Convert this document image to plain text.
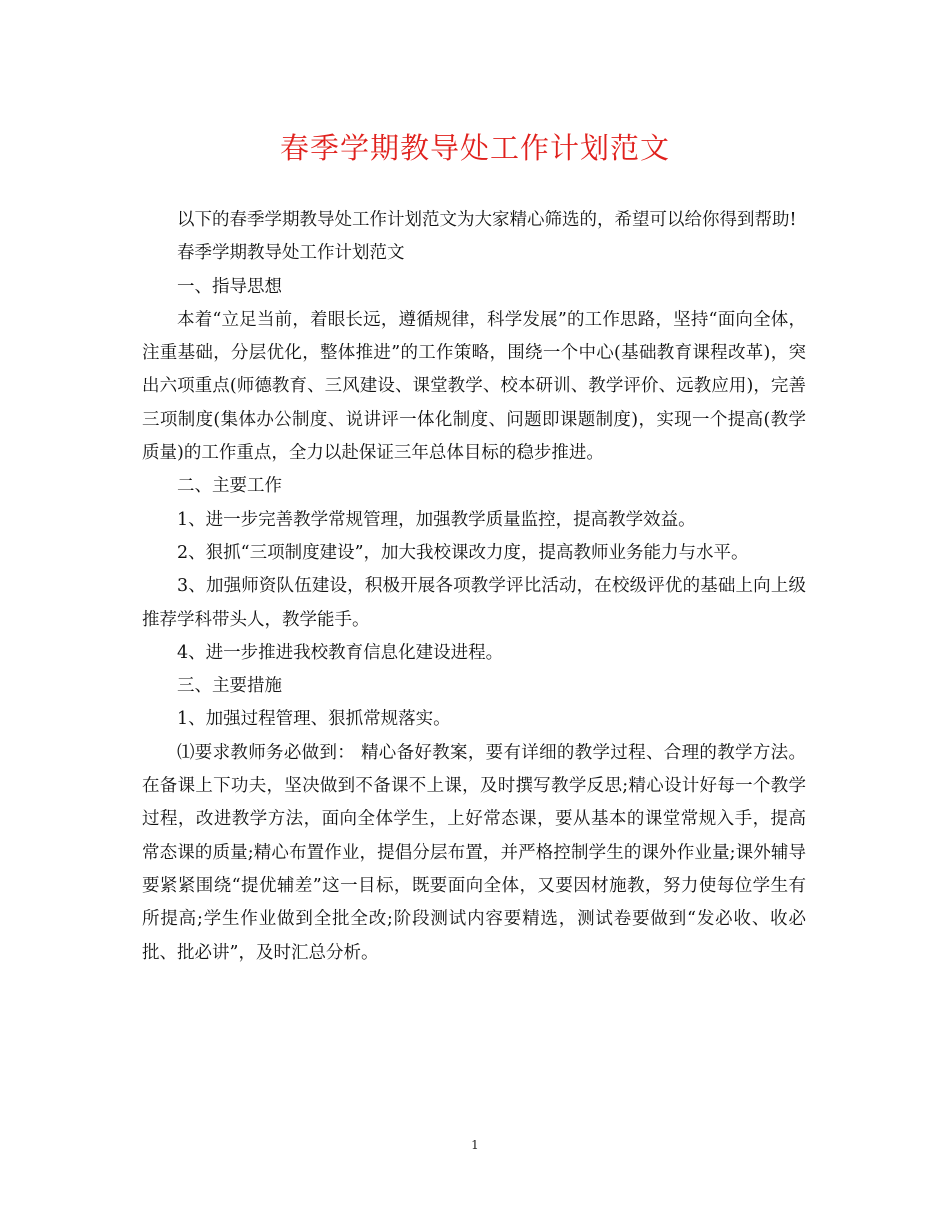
春季学期教导处工作计划范文

以下的春季学期教导处工作计划范文为大家精心筛选的，希望可以给你得到帮助!

春季学期教导处工作计划范文

一、指导思想

本着“立足当前，着眼长远，遵循规律，科学发展”的工作思路，坚持“面向全体，注重基础，分层优化，整体推进”的工作策略，围绕一个中心(基础教育课程改革)，突出六项重点(师德教育、三风建设、课堂教学、校本研训、教学评价、远教应用)，完善三项制度(集体办公制度、说讲评一体化制度、问题即课题制度)，实现一个提高(教学质量)的工作重点，全力以赴保证三年总体目标的稳步推进。

二、主要工作

1、进一步完善教学常规管理，加强教学质量监控，提高教学效益。

2、狠抓“三项制度建设”，加大我校课改力度，提高教师业务能力与水平。

3、加强师资队伍建设，积极开展各项教学评比活动，在校级评优的基础上向上级推荐学科带头人，教学能手。

4、进一步推进我校教育信息化建设进程。

三、主要措施

1、加强过程管理、狠抓常规落实。

⑴要求教师务必做到： 精心备好教案，要有详细的教学过程、合理的教学方法。在备课上下功夫，坚决做到不备课不上课，及时撰写教学反思;精心设计好每一个教学过程，改进教学方法，面向全体学生，上好常态课，要从基本的课堂常规入手，提高常态课的质量;精心布置作业，提倡分层布置，并严格控制学生的课外作业量;课外辅导要紧紧围绕“提优辅差”这一目标，既要面向全体，又要因材施教，努力使每位学生有所提高;学生作业做到全批全改;阶段测试内容要精选，测试卷要做到“发必收、收必批、批必讲”，及时汇总分析。

1
